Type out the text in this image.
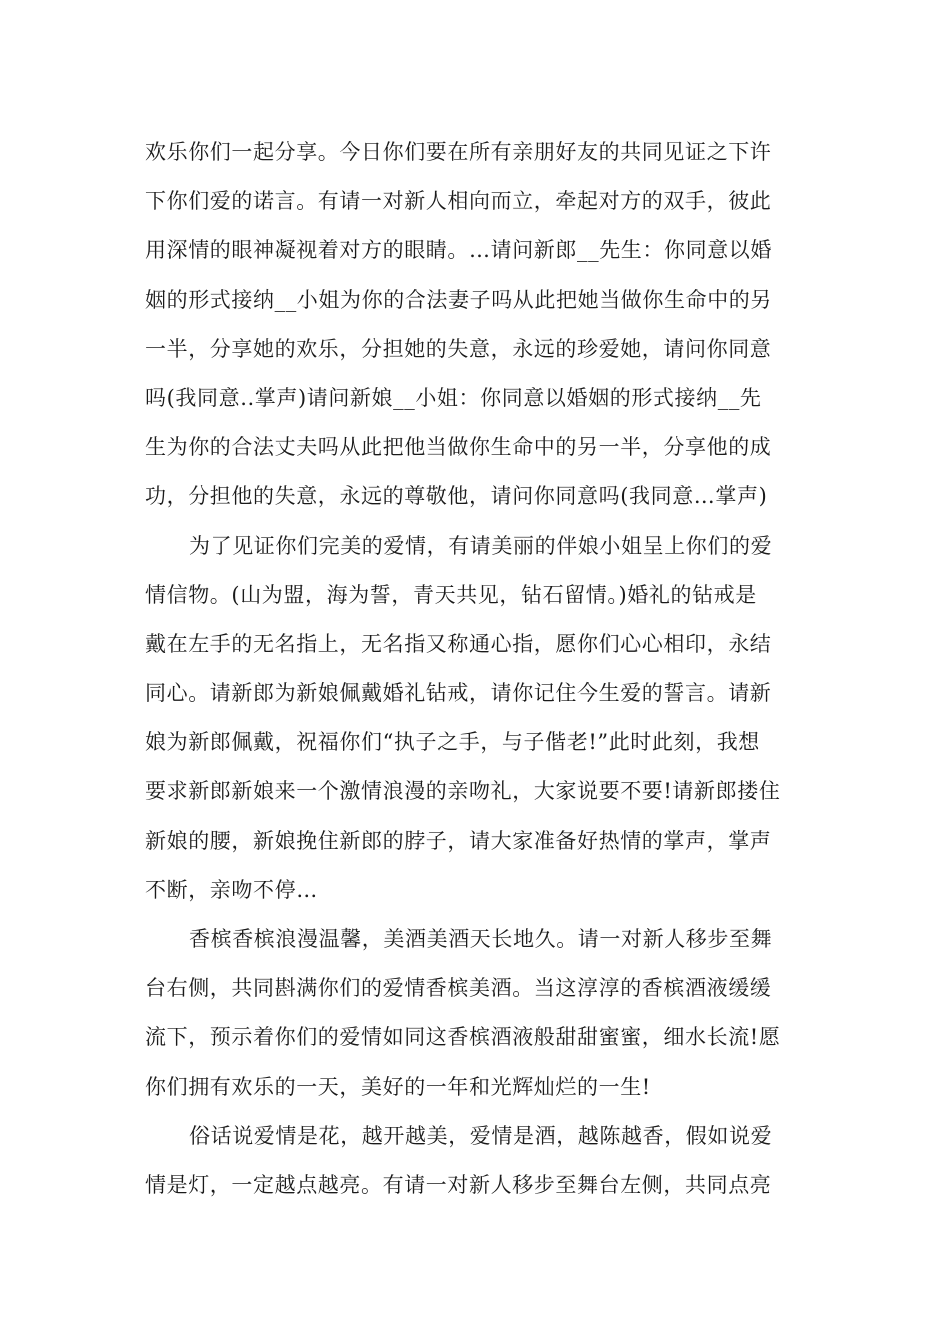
欢乐你们一起分享。今日你们要在所有亲朋好友的共同见证之下许
下你们爱的诺言。有请一对新人相向而立，牵起对方的双手，彼此
用深情的眼神凝视着对方的眼睛。…请问新郎__先生：你同意以婚
姻的形式接纳__小姐为你的合法妻子吗从此把她当做你生命中的另
一半，分享她的欢乐，分担她的失意，永远的珍爱她，请问你同意
吗(我同意..掌声)请问新娘__小姐：你同意以婚姻的形式接纳__先
生为你的合法丈夫吗从此把他当做你生命中的另一半，分享他的成
功，分担他的失意，永远的尊敬他，请问你同意吗(我同意…掌声)
为了见证你们完美的爱情，有请美丽的伴娘小姐呈上你们的爱
情信物。(山为盟，海为誓，青天共见，钻石留情。)婚礼的钻戒是
戴在左手的无名指上，无名指又称通心指，愿你们心心相印，永结
同心。请新郎为新娘佩戴婚礼钻戒，请你记住今生爱的誓言。请新
娘为新郎佩戴，祝福你们“执子之手，与子偕老!”此时此刻，我想
要求新郎新娘来一个激情浪漫的亲吻礼，大家说要不要!请新郎搂住
新娘的腰，新娘挽住新郎的脖子，请大家准备好热情的掌声，掌声
不断，亲吻不停…
香槟香槟浪漫温馨，美酒美酒天长地久。请一对新人移步至舞
台右侧，共同斟满你们的爱情香槟美酒。当这淳淳的香槟酒液缓缓
流下，预示着你们的爱情如同这香槟酒液般甜甜蜜蜜，细水长流!愿
你们拥有欢乐的一天，美好的一年和光辉灿烂的一生!
俗话说爱情是花，越开越美，爱情是酒，越陈越香，假如说爱
情是灯，一定越点越亮。有请一对新人移步至舞台左侧，共同点亮
